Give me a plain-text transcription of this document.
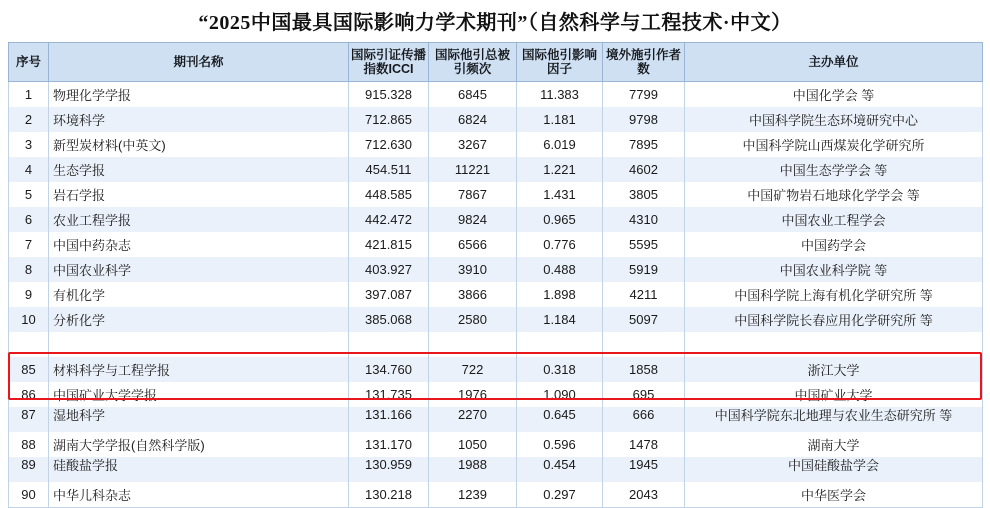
“2025中国最具国际影响力学术期刊”（自然科学与工程技术·中文）
序号	期刊名称	国际引证传播指数ICCI	国际他引总被引频次	国际他引影响因子	境外施引作者数	主办单位
1	物理化学学报	915.328	6845	11.383	7799	中国化学会 等
2	环境科学	712.865	6824	1.181	9798	中国科学院生态环境研究中心
3	新型炭材料(中英文)	712.630	3267	6.019	7895	中国科学院山西煤炭化学研究所
4	生态学报	454.511	11221	1.221	4602	中国生态学学会 等
5	岩石学报	448.585	7867	1.431	3805	中国矿物岩石地球化学学会 等
6	农业工程学报	442.472	9824	0.965	4310	中国农业工程学会
7	中国中药杂志	421.815	6566	0.776	5595	中国药学会
8	中国农业科学	403.927	3910	0.488	5919	中国农业科学院 等
9	有机化学	397.087	3866	1.898	4211	中国科学院上海有机化学研究所 等
10	分析化学	385.068	2580	1.184	5097	中国科学院长春应用化学研究所 等

85	材料科学与工程学报	134.760	722	0.318	1858	浙江大学
86	中国矿业大学学报	131.735	1976	1.090	695	中国矿业大学

87	湿地科学	131.166	2270	0.645	666	中国科学院东北地理与农业生态研究所 等

88	湖南大学学报(自然科学版)	131.170	1050	0.596	1478	湖南大学

89	硅酸盐学报	130.959	1988	0.454	1945	中国硅酸盐学会

90	中华儿科杂志	130.218	1239	0.297	2043	中华医学会
